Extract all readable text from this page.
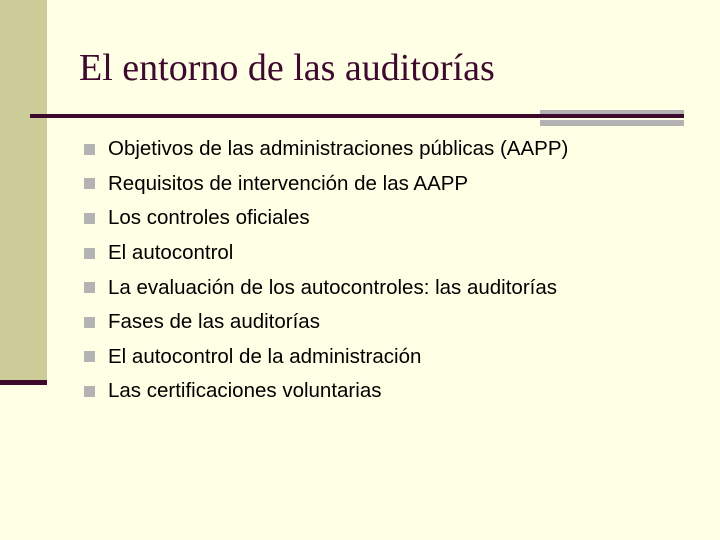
El entorno de las auditorías
Objetivos de las administraciones públicas (AAPP)
Requisitos de intervención de las AAPP
Los controles oficiales
El autocontrol
La evaluación de los autocontroles: las auditorías
Fases de las auditorías
El autocontrol de la administración
Las certificaciones voluntarias
